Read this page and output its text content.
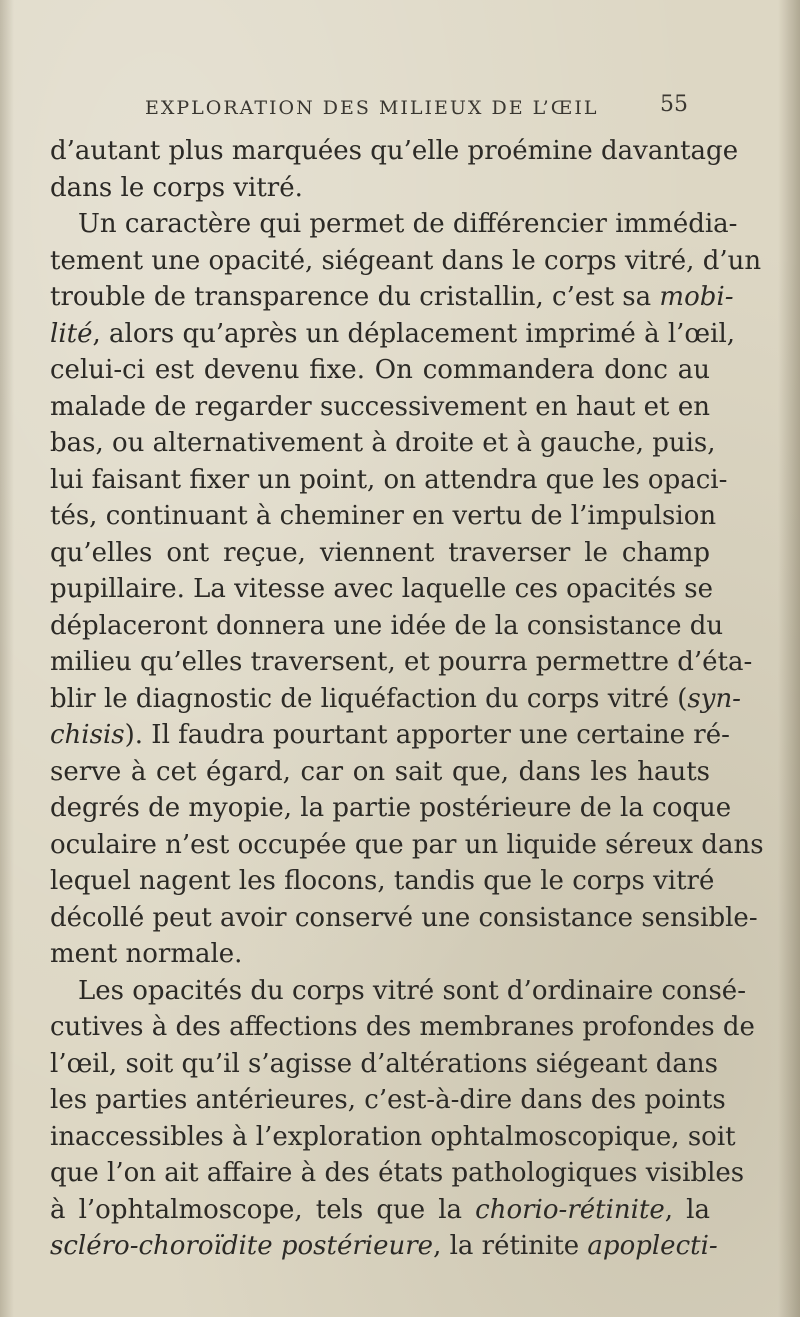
EXPLORATION DES MILIEUX DE L’ŒIL	55
d’autant plus marquées qu’elle proémine davantage
dans le corps vitré.
Un caractère qui permet de différencier immédia-
tement une opacité, siégeant dans le corps vitré, d’un
trouble de transparence du cristallin, c’est sa mobi-
lité, alors qu’après un déplacement imprimé à l’œil,
celui-ci est devenu fixe. On commandera donc au
malade de regarder successivement en haut et en
bas, ou alternativement à droite et à gauche, puis,
lui faisant fixer un point, on attendra que les opaci-
tés, continuant à cheminer en vertu de l’impulsion
qu’elles ont reçue, viennent traverser le champ
pupillaire. La vitesse avec laquelle ces opacités se
déplaceront donnera une idée de la consistance du
milieu qu’elles traversent, et pourra permettre d’éta-
blir le diagnostic de liquéfaction du corps vitré (syn-
chisis). Il faudra pourtant apporter une certaine ré-
serve à cet égard, car on sait que, dans les hauts
degrés de myopie, la partie postérieure de la coque
oculaire n’est occupée que par un liquide séreux dans
lequel nagent les flocons, tandis que le corps vitré
décollé peut avoir conservé une consistance sensible-
ment normale.
Les opacités du corps vitré sont d’ordinaire consé-
cutives à des affections des membranes profondes de
l’œil, soit qu’il s’agisse d’altérations siégeant dans
les parties antérieures, c’est-à-dire dans des points
inaccessibles à l’exploration ophtalmoscopique, soit
que l’on ait affaire à des états pathologiques visibles
à l’ophtalmoscope, tels que la chorio-rétinite, la
scléro-choroïdite postérieure, la rétinite apoplecti-
